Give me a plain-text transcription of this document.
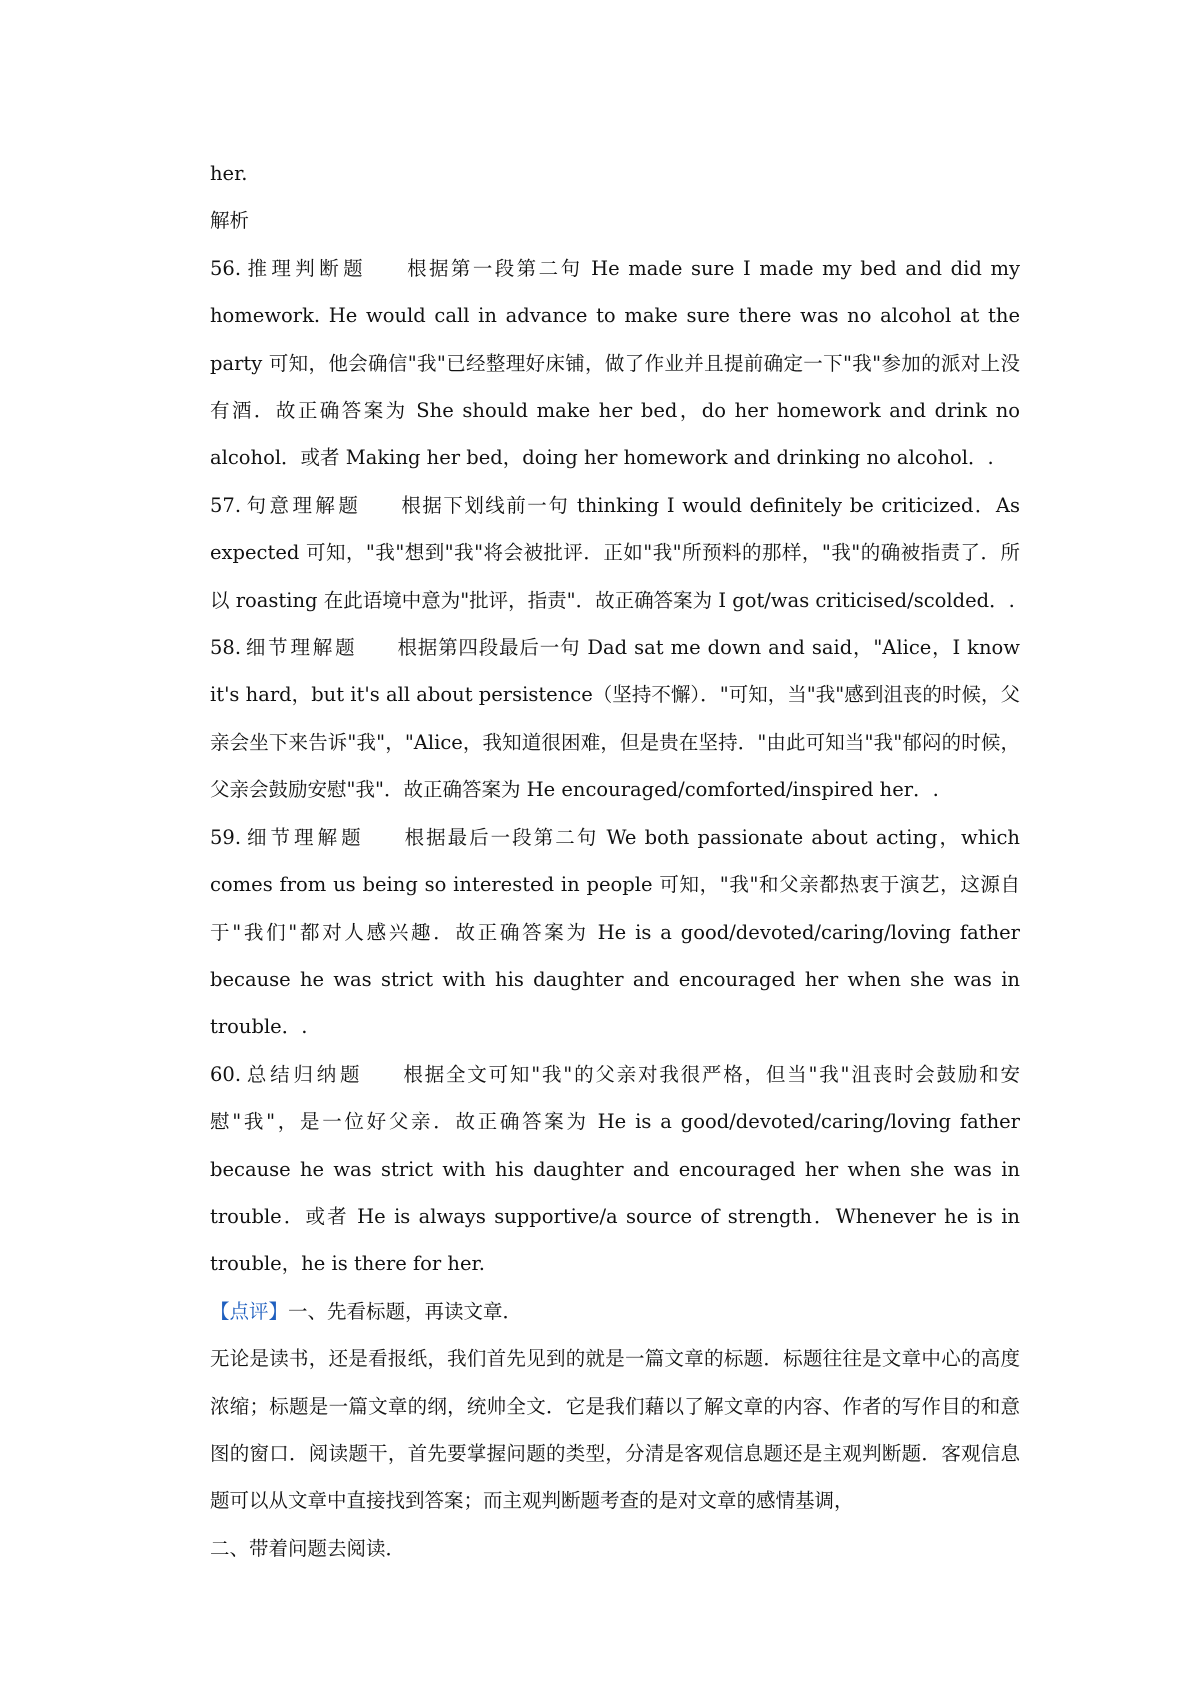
her.

解析

56. 推理判断题 根据第一段第二句 He made sure I made my bed and did my homework. He would call in advance to make sure there was no alcohol at the party 可知，他会确信"我"已经整理好床铺，做了作业并且提前确定一下"我"参加的派对上没有酒．故正确答案为 She should make her bed，do her homework and drink no alcohol．或者 Making her bed，doing her homework and drinking no alcohol．.

57. 句意理解题 根据下划线前一句 thinking I would definitely be criticized．As expected 可知，"我"想到"我"将会被批评．正如"我"所预料的那样，"我"的确被指责了．所以 roasting 在此语境中意为"批评，指责"．故正确答案为 I got/was criticised/scolded．.

58. 细节理解题 根据第四段最后一句 Dad sat me down and said，"Alice，I know it's hard，but it's all about persistence（坚持不懈）．"可知，当"我"感到沮丧的时候，父亲会坐下来告诉"我"，"Alice，我知道很困难，但是贵在坚持．"由此可知当"我"郁闷的时候，父亲会鼓励安慰"我"．故正确答案为 He encouraged/comforted/inspired her．.

59. 细节理解题 根据最后一段第二句 We both passionate about acting，which comes from us being so interested in people 可知，"我"和父亲都热衷于演艺，这源自于"我们"都对人感兴趣．故正确答案为 He is a good/devoted/caring/loving father because he was strict with his daughter and encouraged her when she was in trouble．.

60. 总结归纳题 根据全文可知"我"的父亲对我很严格，但当"我"沮丧时会鼓励和安慰"我"，是一位好父亲．故正确答案为 He is a good/devoted/caring/loving father because he was strict with his daughter and encouraged her when she was in trouble．或者 He is always supportive/a source of strength．Whenever he is in trouble，he is there for her.

【点评】一、先看标题，再读文章．

无论是读书，还是看报纸，我们首先见到的就是一篇文章的标题．标题往往是文章中心的高度浓缩；标题是一篇文章的纲，统帅全文．它是我们藉以了解文章的内容、作者的写作目的和意图的窗口．阅读题干，首先要掌握问题的类型，分清是客观信息题还是主观判断题．客观信息题可以从文章中直接找到答案；而主观判断题考查的是对文章的感情基调，

二、带着问题去阅读．
